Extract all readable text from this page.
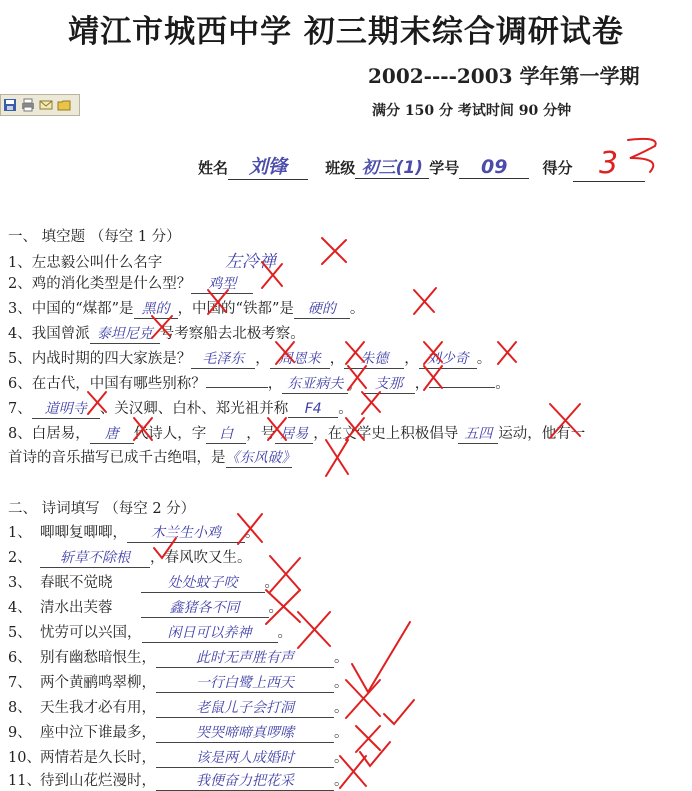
靖江市城西中学 初三期末综合调研试卷
2002----2003 学年第一学期
满分 150 分 考试时间 90 分钟
姓名 刘锋	班级 初三(1) 学号 09 得分 3
一、 填空题 （每空 1 分）
1、左忠毅公叫什么名字	左冷禅
2、鸡的消化类型是什么型？ 鸡型
3、中国的“煤都”是 黑的 ，中国的“铁都”是 硬的 。
4、我国曾派 泰坦尼克 号考察船去北极考察。
5、内战时期的四大家族是？ 毛泽东 ， 周恩来 ， 朱德 ， 刘少奇 。
6、在古代，中国有哪些别称？	， 东亚病夫 ， 支那 ，	。
7、 道明寺 、关汉卿、白朴、郑光祖并称 F4 。
8、白居易， 唐 代诗人，字 白 ，号 居易 ，在文学史上积极倡导 五四 运动，他有一
首诗的音乐描写已成千古绝唱，是《东风破》
二、 诗词填写 （每空 2 分）
1、 唧唧复唧唧， 木兰生小鸡 。
2、 斩草不除根 ，春风吹又生。
3、 春眠不觉晓	处处蚊子咬 。
4、 清水出芙蓉	鑫猪各不同 。
5、 忧劳可以兴国， 闲日可以养神 。
6、 别有幽愁暗恨生，	此时无声胜有声	。
7、 两个黄鹂鸣翠柳，	一行白鹭上西天	。
8、 天生我才必有用，	老鼠儿子会打洞	。
9、 座中泣下谁最多，	哭哭啼啼真啰嗦	。
10、两情若是久长时，	该是两人成婚时	。
11、待到山花烂漫时，	我便奋力把花采	。
